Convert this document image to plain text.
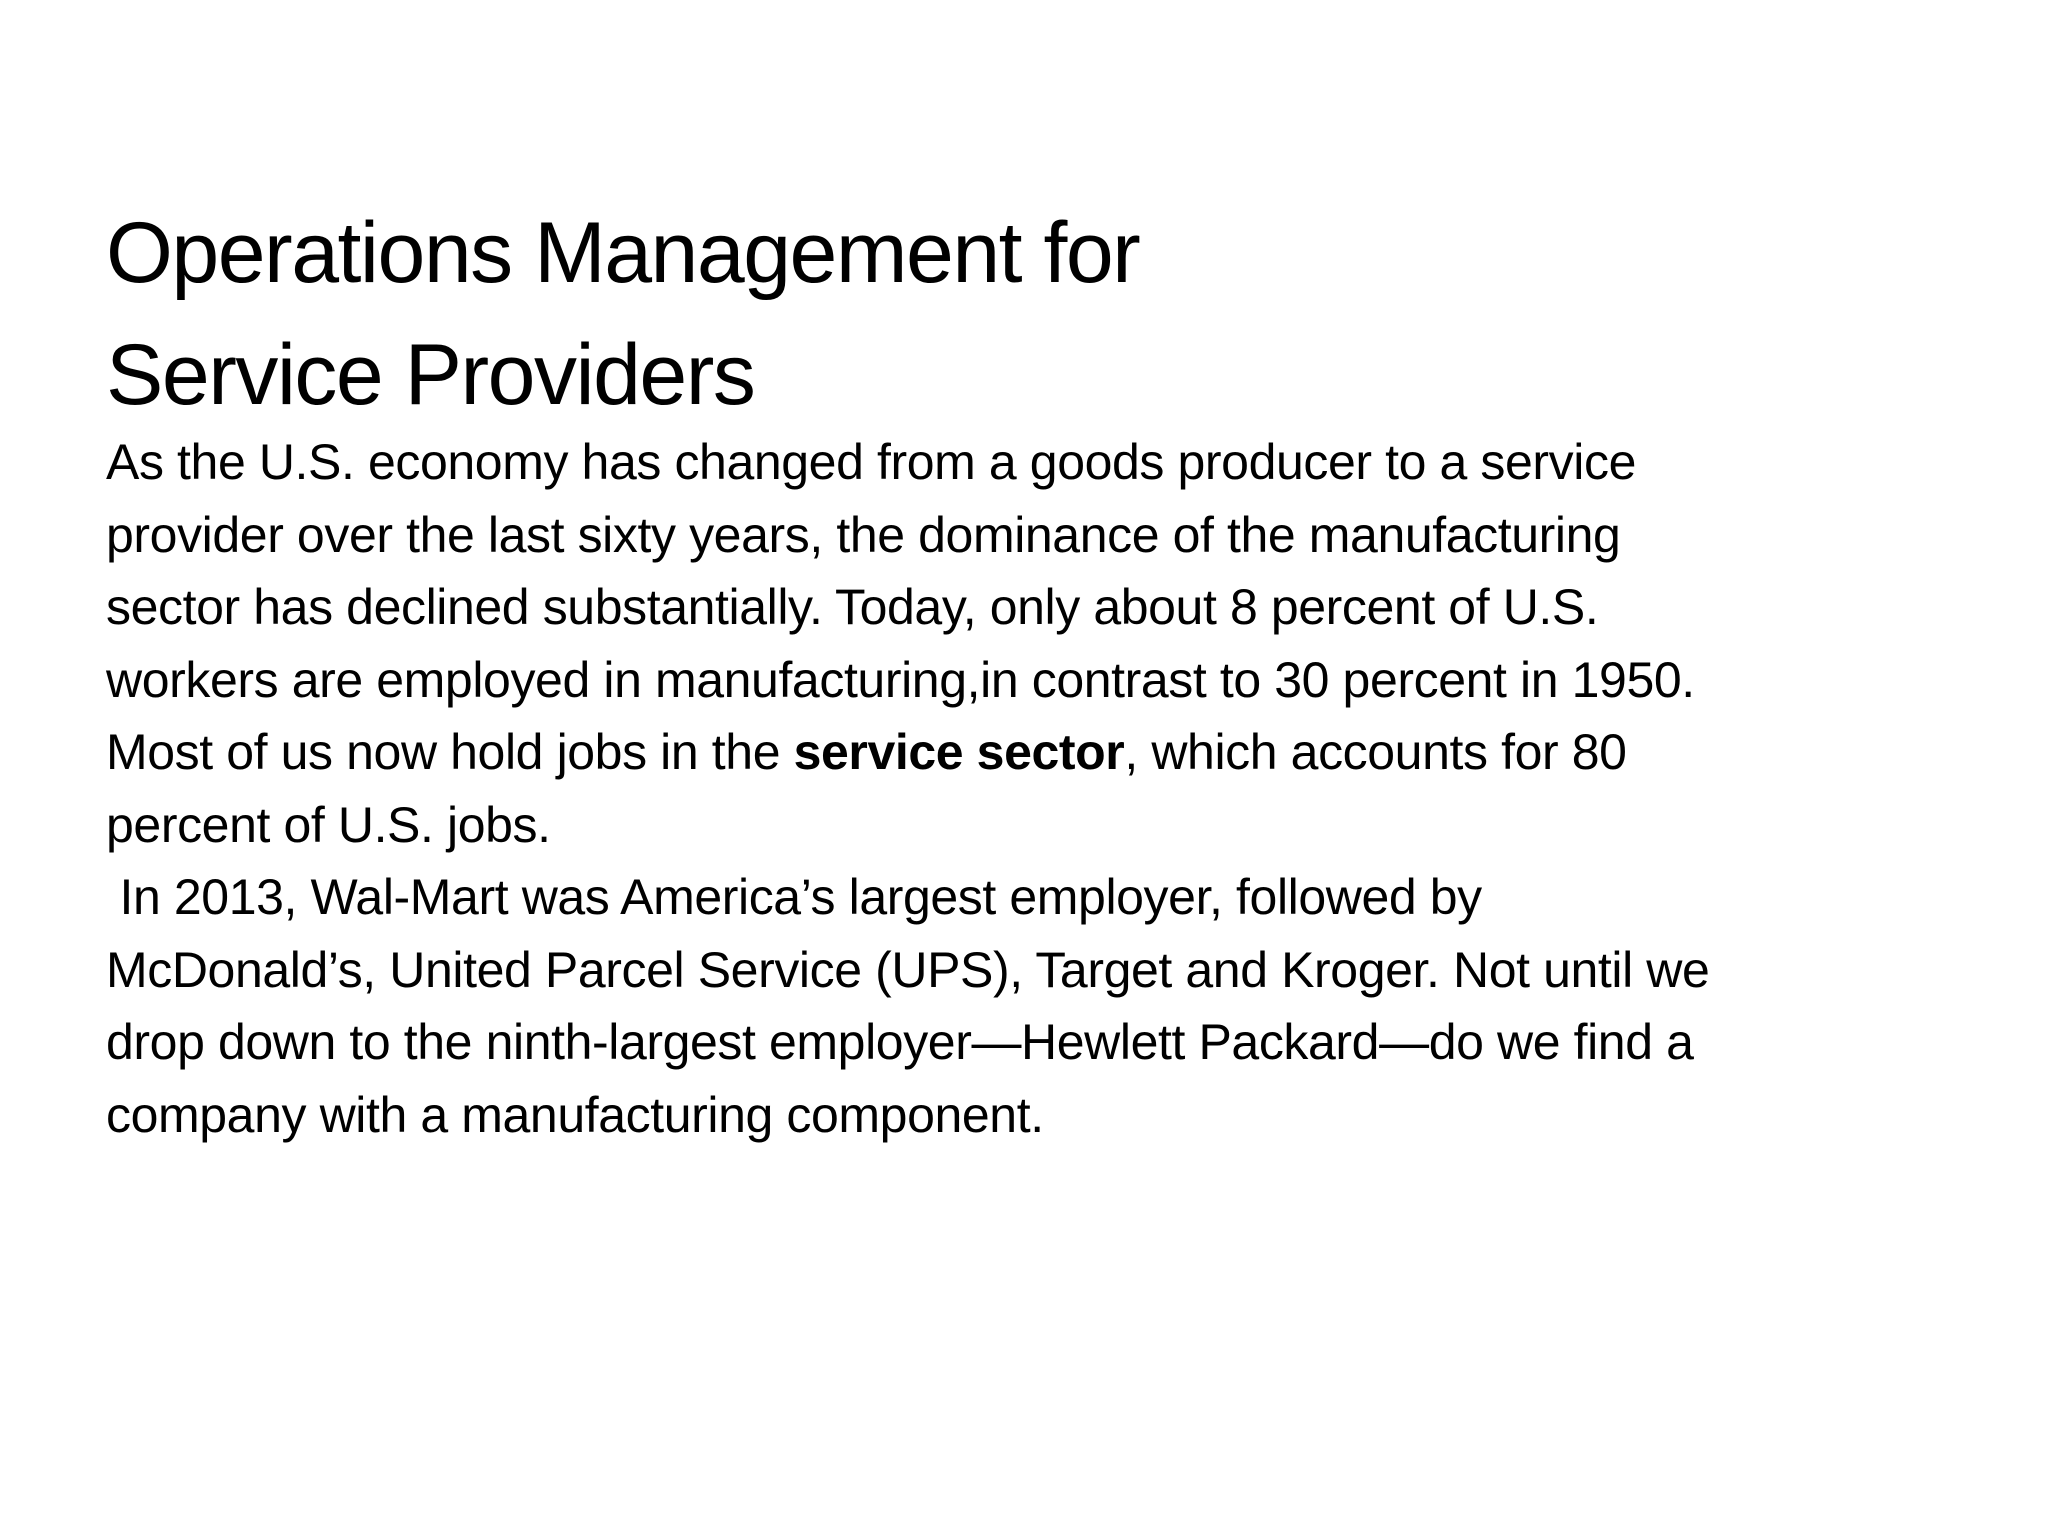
Operations Management for
Service Providers
As the U.S. economy has changed from a goods producer to a service
provider over the last sixty years, the dominance of the manufacturing
sector has declined substantially. Today, only about 8 percent of U.S.
workers are employed in manufacturing,in contrast to 30 percent in 1950.
Most of us now hold jobs in the service sector, which accounts for 80
percent of U.S. jobs.
In 2013, Wal-Mart was America’s largest employer, followed by
McDonald’s, United Parcel Service (UPS), Target and Kroger. Not until we
drop down to the ninth-largest employer—Hewlett Packard—do we find a
company with a manufacturing component.
